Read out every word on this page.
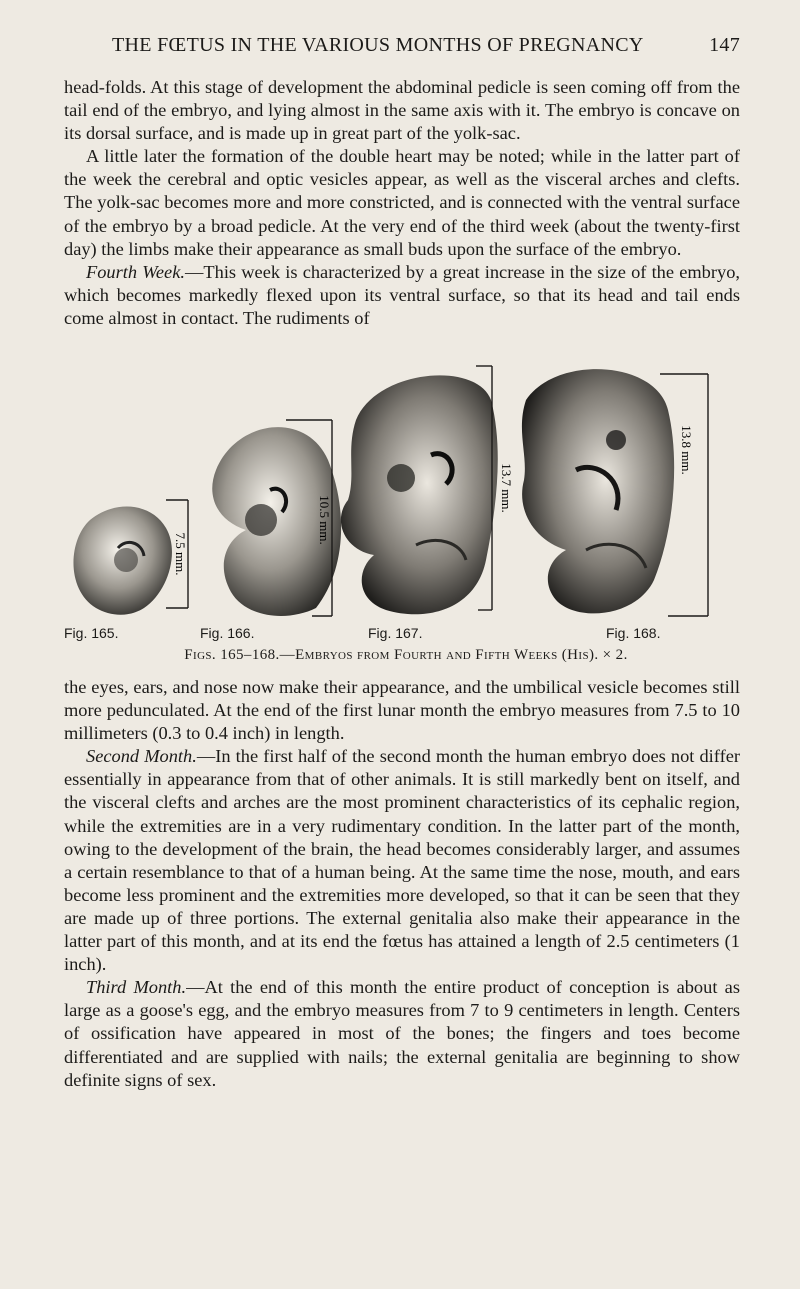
THE FŒTUS IN THE VARIOUS MONTHS OF PREGNANCY	147

head-folds. At this stage of development the abdominal pedicle is seen coming off from the tail end of the embryo, and lying almost in the same axis with it. The embryo is concave on its dorsal surface, and is made up in great part of the yolk-sac.

A little later the formation of the double heart may be noted; while in the latter part of the week the cerebral and optic vesicles appear, as well as the visceral arches and clefts. The yolk-sac becomes more and more constricted, and is connected with the ventral surface of the embryo by a broad pedicle. At the very end of the third week (about the twenty-first day) the limbs make their appearance as small buds upon the surface of the embryo.

Fourth Week.—This week is characterized by a great increase in the size of the embryo, which becomes markedly flexed upon its ventral surface, so that its head and tail ends come almost in contact. The rudiments of

7.5 mm.
10.5 mm.
13.7 mm.
13.8 mm.
Fig. 165.	Fig. 166.	Fig. 167.	Fig. 168.
Figs. 165–168.—Embryos from Fourth and Fifth Weeks (His). × 2.

the eyes, ears, and nose now make their appearance, and the umbilical vesicle becomes still more pedunculated. At the end of the first lunar month the embryo measures from 7.5 to 10 millimeters (0.3 to 0.4 inch) in length.

Second Month.—In the first half of the second month the human embryo does not differ essentially in appearance from that of other animals. It is still markedly bent on itself, and the visceral clefts and arches are the most prominent characteristics of its cephalic region, while the extremities are in a very rudimentary condition. In the latter part of the month, owing to the development of the brain, the head becomes considerably larger, and assumes a certain resemblance to that of a human being. At the same time the nose, mouth, and ears become less prominent and the extremities more developed, so that it can be seen that they are made up of three portions. The external genitalia also make their appearance in the latter part of this month, and at its end the fœtus has attained a length of 2.5 centimeters (1 inch).

Third Month.—At the end of this month the entire product of conception is about as large as a goose's egg, and the embryo measures from 7 to 9 centimeters in length. Centers of ossification have appeared in most of the bones; the fingers and toes become differentiated and are supplied with nails; the external genitalia are beginning to show definite signs of sex.
